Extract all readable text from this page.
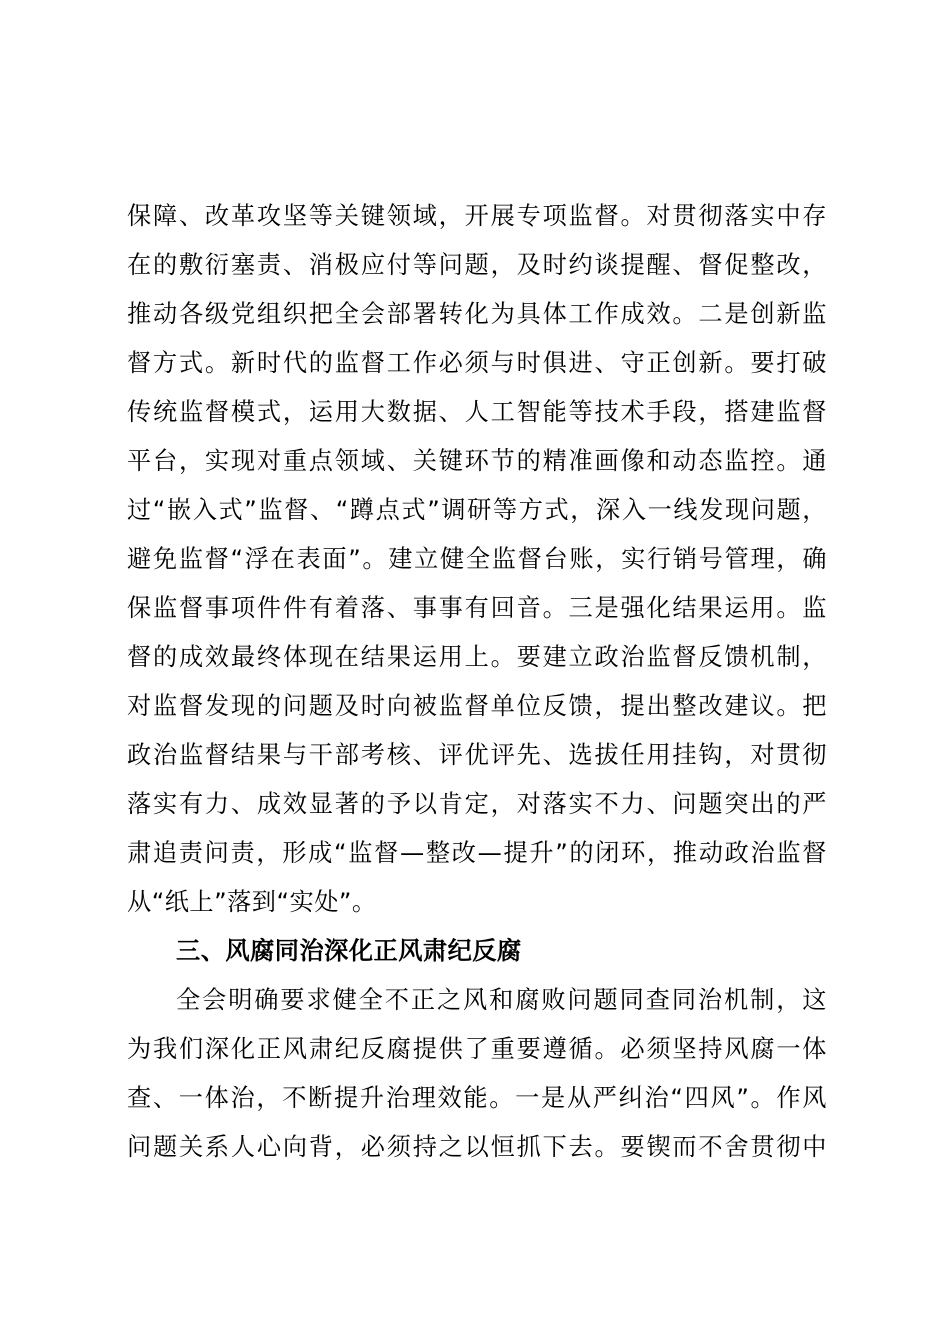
保障、改革攻坚等关键领域，开展专项监督。对贯彻落实中存
在的敷衍塞责、消极应付等问题，及时约谈提醒、督促整改，
推动各级党组织把全会部署转化为具体工作成效。二是创新监
督方式。新时代的监督工作必须与时俱进、守正创新。要打破
传统监督模式，运用大数据、人工智能等技术手段，搭建监督
平台，实现对重点领域、关键环节的精准画像和动态监控。通
过“嵌入式”监督、“蹲点式”调研等方式，深入一线发现问题，
避免监督“浮在表面”。建立健全监督台账，实行销号管理，确
保监督事项件件有着落、事事有回音。三是强化结果运用。监
督的成效最终体现在结果运用上。要建立政治监督反馈机制，
对监督发现的问题及时向被监督单位反馈，提出整改建议。把
政治监督结果与干部考核、评优评先、选拔任用挂钩，对贯彻
落实有力、成效显著的予以肯定，对落实不力、问题突出的严
肃追责问责，形成“监督—整改—提升”的闭环，推动政治监督
从“纸上”落到“实处”。
三、风腐同治深化正风肃纪反腐
全会明确要求健全不正之风和腐败问题同查同治机制，这
为我们深化正风肃纪反腐提供了重要遵循。必须坚持风腐一体
查、一体治，不断提升治理效能。一是从严纠治“四风”。作风
问题关系人心向背，必须持之以恒抓下去。要锲而不舍贯彻中
